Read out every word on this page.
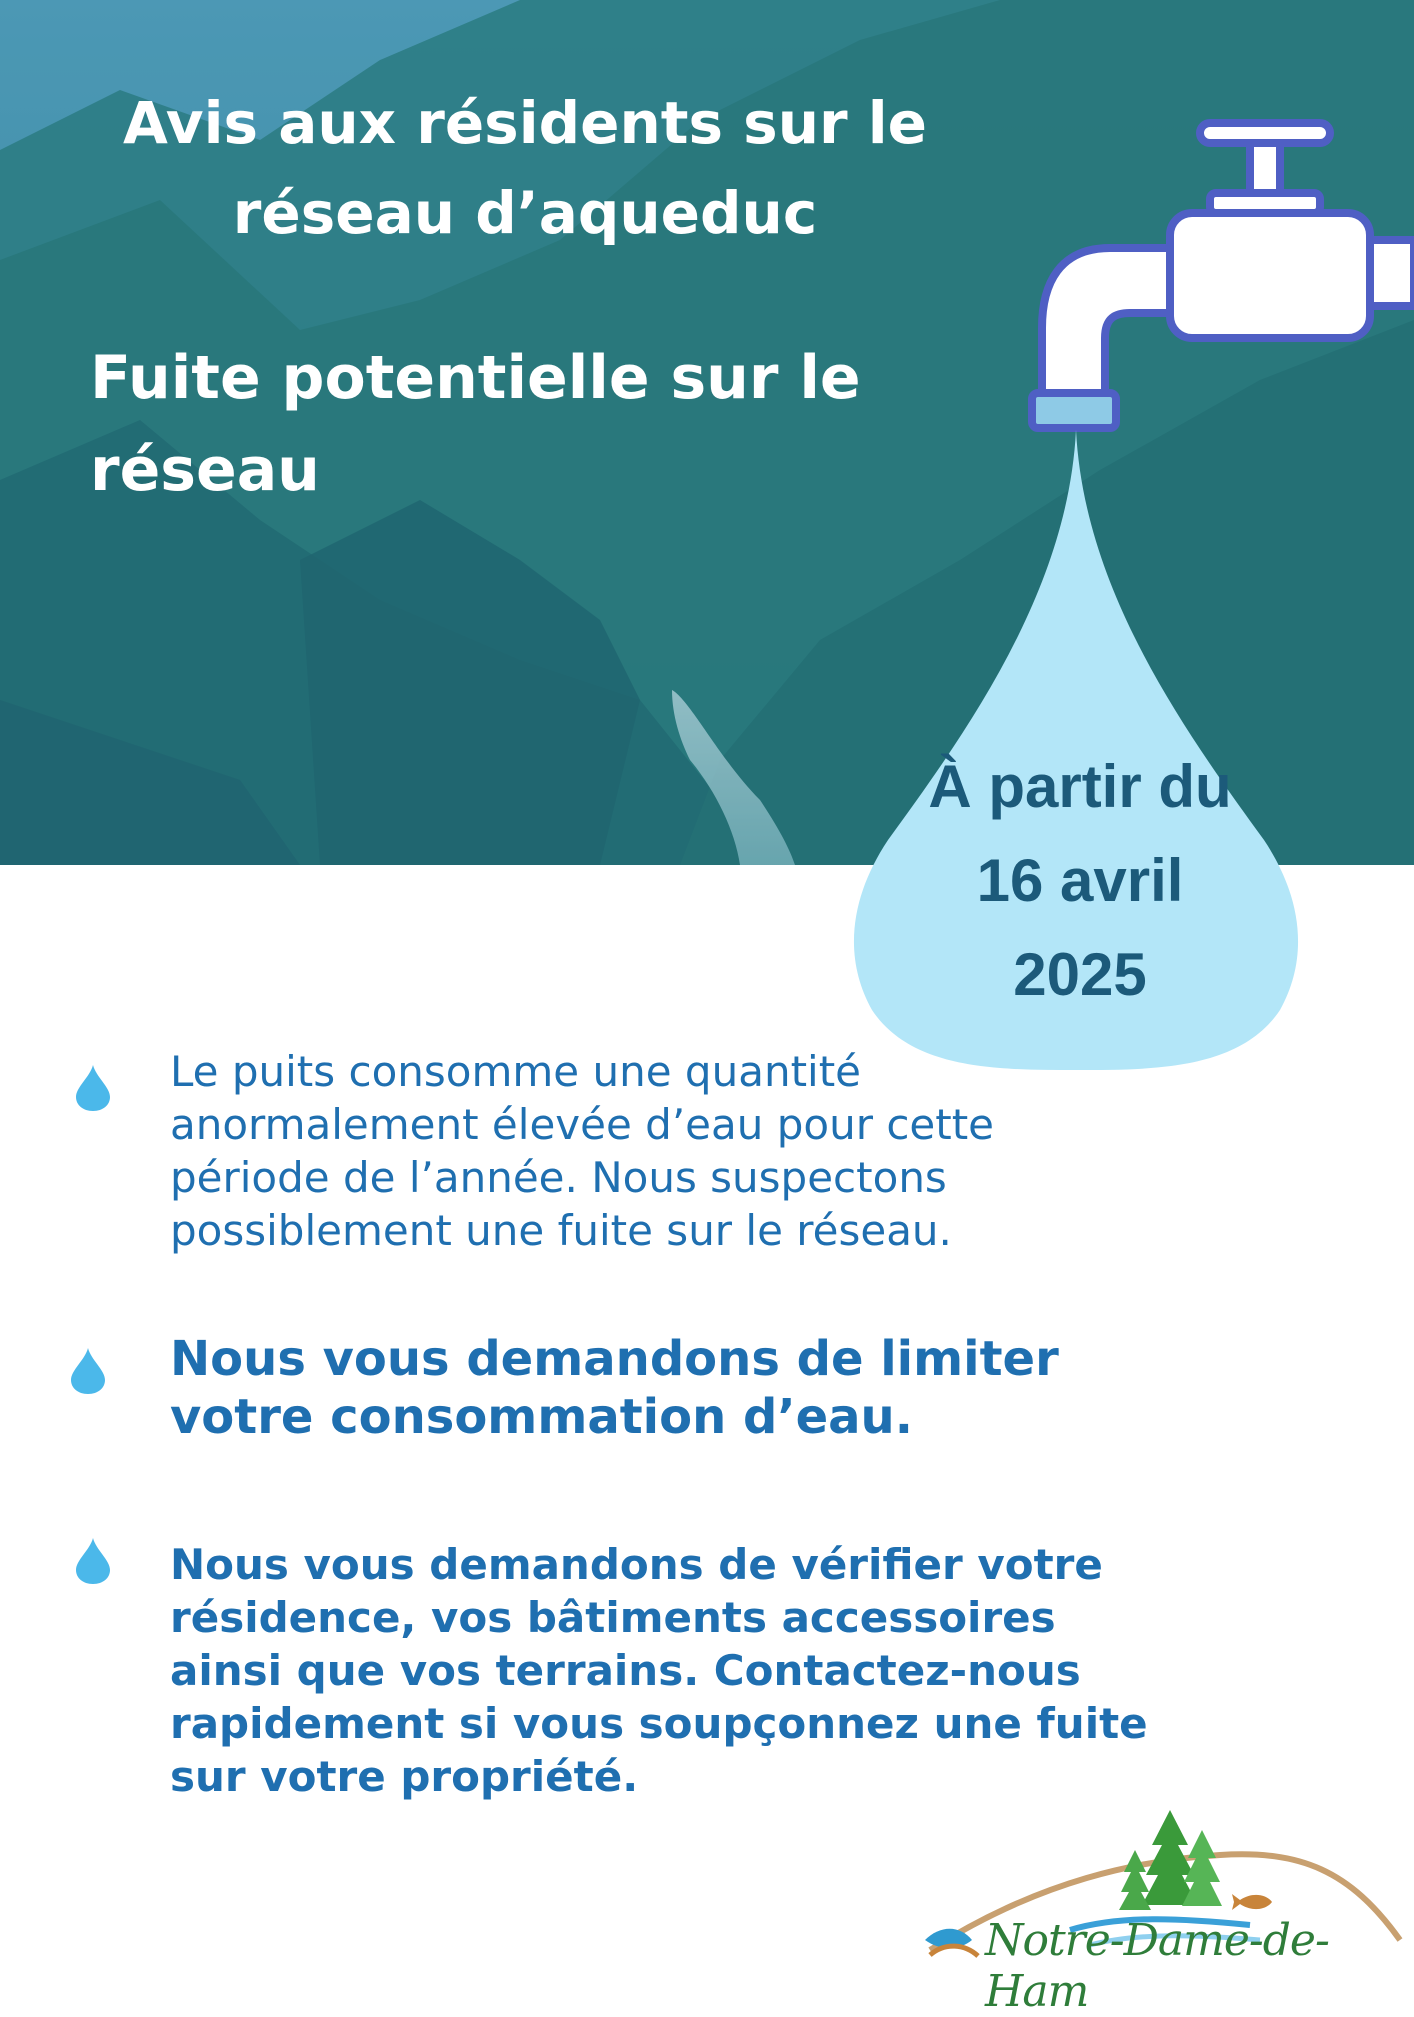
Avis aux résidents sur le
réseau d’aqueduc
Fuite potentielle sur le
réseau
À partir du
16 avril
2025
Le puits consomme une quantité
anormalement élevée d’eau pour cette
période de l’année. Nous suspectons
possiblement une fuite sur le réseau.
Nous vous demandons de limiter
votre consommation d’eau.
Nous vous demandons de vérifier votre
résidence, vos bâtiments accessoires
ainsi que vos terrains. Contactez-nous
rapidement si vous soupçonnez une fuite
sur votre propriété.
Notre-Dame-de-Ham
